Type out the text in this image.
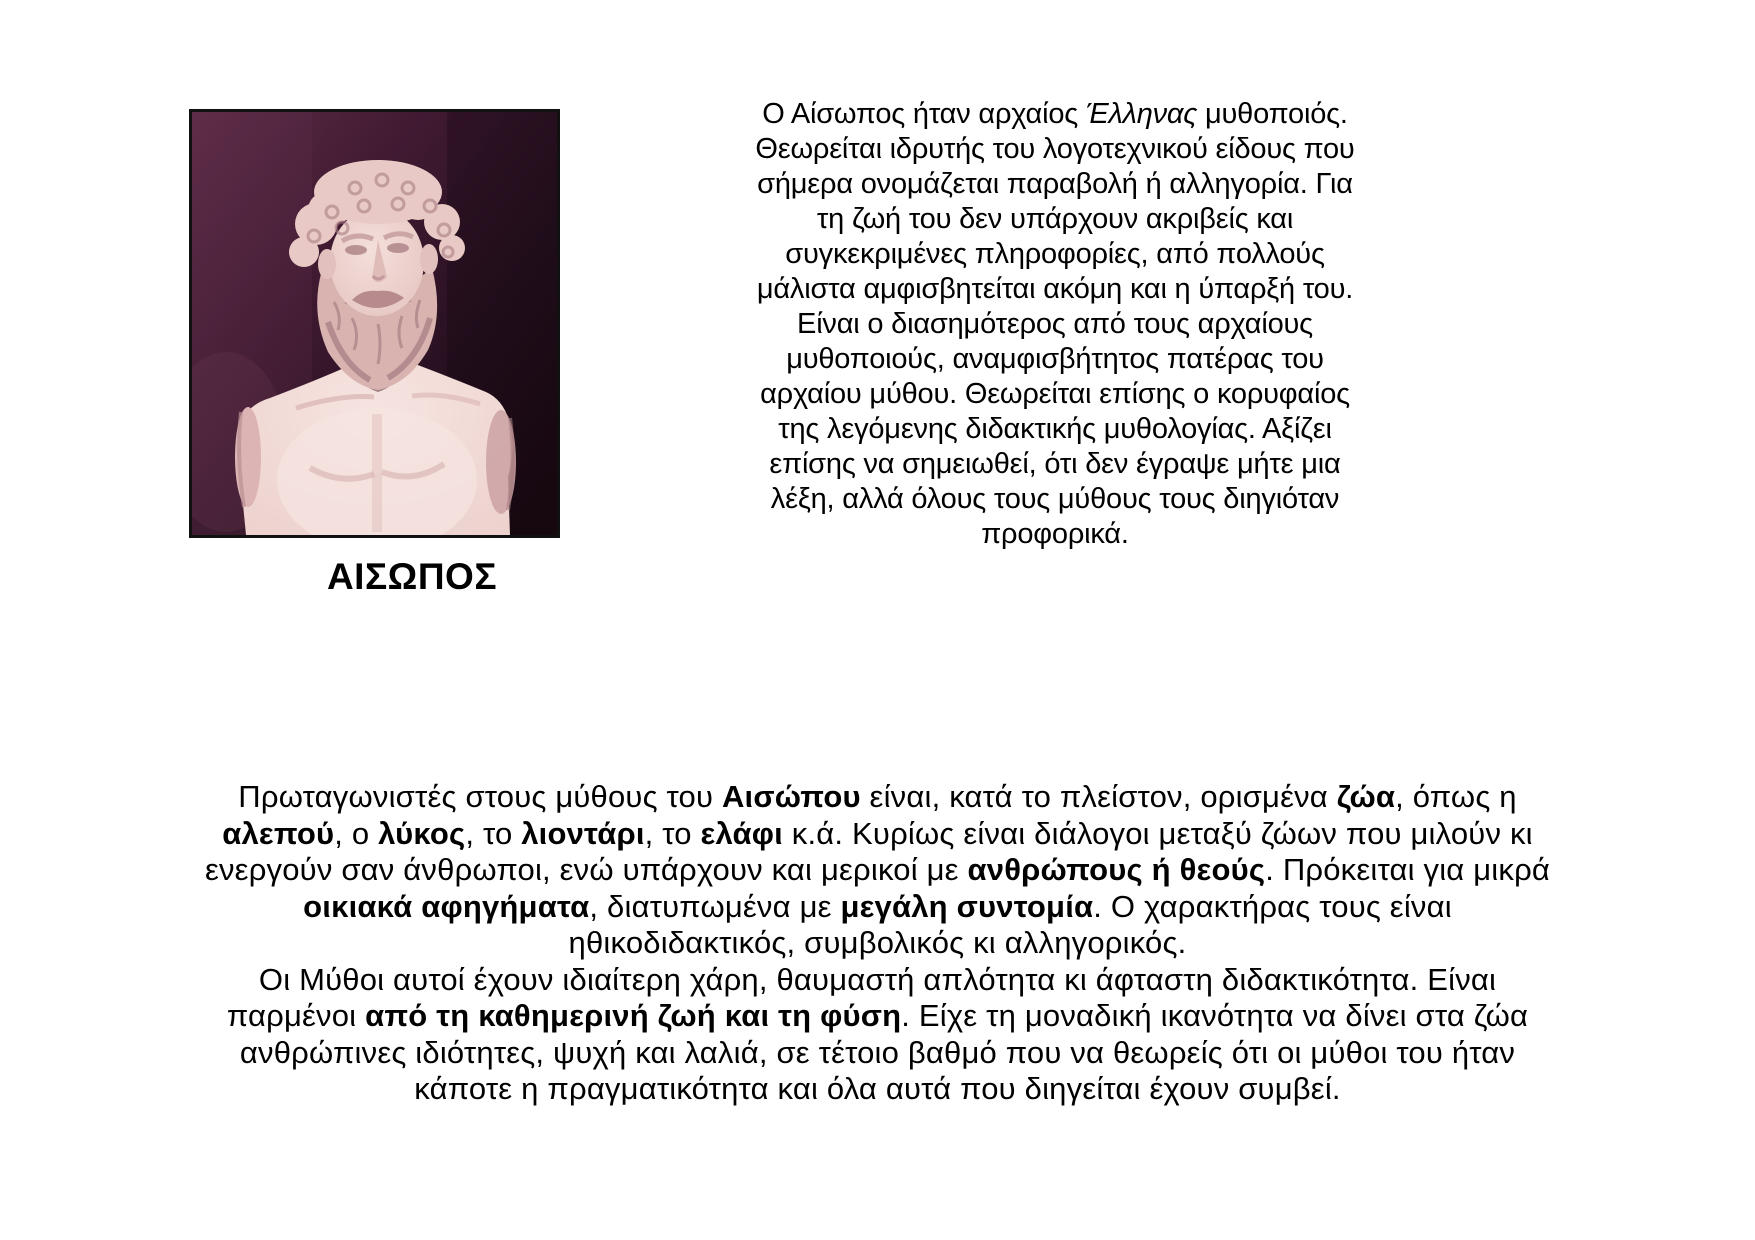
ΑΙΣΩΠΟΣ
Ο Αίσωπος ήταν αρχαίος Έλληνας μυθοποιός.
Θεωρείται ιδρυτής του λογοτεχνικού είδους που
σήμερα ονομάζεται παραβολή ή αλληγορία. Για
τη ζωή του δεν υπάρχουν ακριβείς και
συγκεκριμένες πληροφορίες, από πολλούς
μάλιστα αμφισβητείται ακόμη και η ύπαρξή του.
Είναι ο διασημότερος από τους αρχαίους
μυθοποιούς, αναμφισβήτητος πατέρας του
αρχαίου μύθου. Θεωρείται επίσης ο κορυφαίος
της λεγόμενης διδακτικής μυθολογίας. Αξίζει
επίσης να σημειωθεί, ότι δεν έγραψε μήτε μια
λέξη, αλλά όλους τους μύθους τους διηγιόταν
προφορικά.
Πρωταγωνιστές στους μύθους του Αισώπου είναι, κατά το πλείστον, ορισμένα ζώα, όπως η
αλεπού, ο λύκος, το λιοντάρι, το ελάφι κ.ά. Κυρίως είναι διάλογοι μεταξύ ζώων που μιλούν κι
ενεργούν σαν άνθρωποι, ενώ υπάρχουν και μερικοί με ανθρώπους ή θεούς. Πρόκειται για μικρά
οικιακά αφηγήματα, διατυπωμένα με μεγάλη συντομία. Ο χαρακτήρας τους είναι
ηθικοδιδακτικός, συμβολικός κι αλληγορικός.
Οι Μύθοι αυτοί έχουν ιδιαίτερη χάρη, θαυμαστή απλότητα κι άφταστη διδακτικότητα. Είναι
παρμένοι από τη καθημερινή ζωή και τη φύση. Είχε τη μοναδική ικανότητα να δίνει στα ζώα
ανθρώπινες ιδιότητες, ψυχή και λαλιά, σε τέτοιο βαθμό που να θεωρείς ότι οι μύθοι του ήταν
κάποτε η πραγματικότητα και όλα αυτά που διηγείται έχουν συμβεί.
